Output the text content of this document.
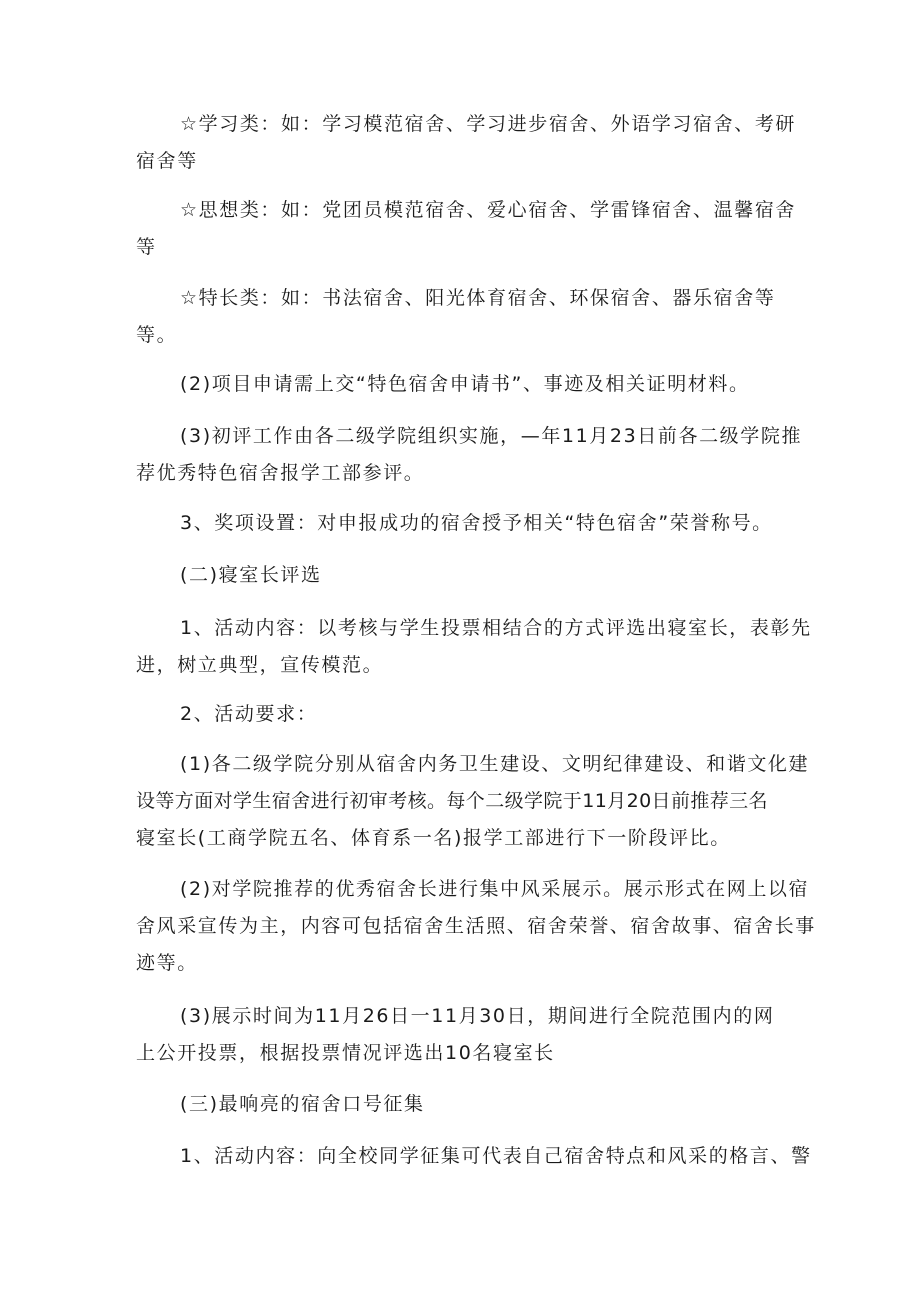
☆学习类：如：学习模范宿舍、学习进步宿舍、外语学习宿舍、考研
宿舍等

☆思想类：如：党团员模范宿舍、爱心宿舍、学雷锋宿舍、温馨宿舍
等

☆特长类：如：书法宿舍、阳光体育宿舍、环保宿舍、器乐宿舍等
等。

(2)项目申请需上交“特色宿舍申请书”、事迹及相关证明材料。

(3)初评工作由各二级学院组织实施，—年11月23日前各二级学院推
荐优秀特色宿舍报学工部参评。

3、奖项设置：对申报成功的宿舍授予相关“特色宿舍”荣誉称号。

(二)寝室长评选

1、活动内容：以考核与学生投票相结合的方式评选出寝室长，表彰先
进，树立典型，宣传模范。

2、活动要求：

(1)各二级学院分别从宿舍内务卫生建设、文明纪律建设、和谐文化建
设等方面对学生宿舍进行初审考核。每个二级学院于11月20日前推荐三名
寝室长(工商学院五名、体育系一名)报学工部进行下一阶段评比。

(2)对学院推荐的优秀宿舍长进行集中风采展示。展示形式在网上以宿
舍风采宣传为主，内容可包括宿舍生活照、宿舍荣誉、宿舍故事、宿舍长事
迹等。

(3)展示时间为11月26日一11月30日，期间进行全院范围内的网
上公开投票，根据投票情况评选出10名寝室长

(三)最响亮的宿舍口号征集

1、活动内容：向全校同学征集可代表自己宿舍特点和风采的格言、警
